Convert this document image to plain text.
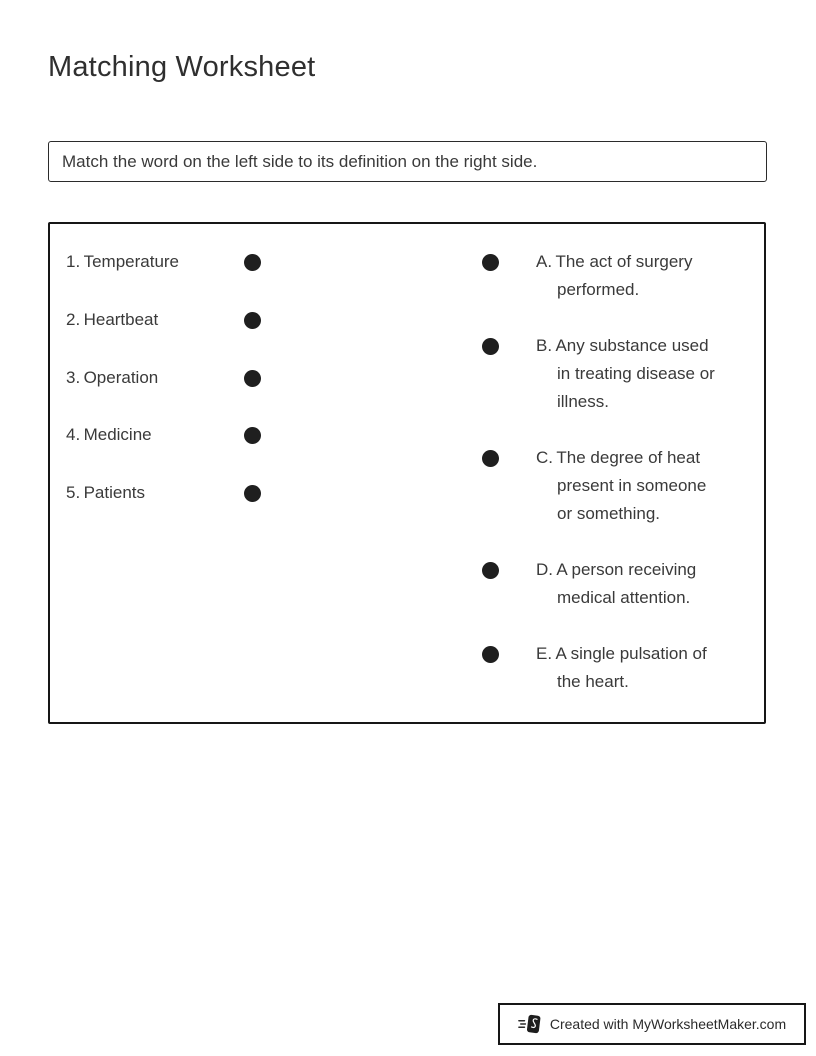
Matching Worksheet
Match the word on the left side to its definition on the right side.
1. Temperature
2. Heartbeat
3. Operation
4. Medicine
5. Patients
A. The act of surgery
performed.
B. Any substance used
in treating disease or
illness.
C. The degree of heat
present in someone
or something.
D. A person receiving
medical attention.
E. A single pulsation of
the heart.
Created with MyWorksheetMaker.com
